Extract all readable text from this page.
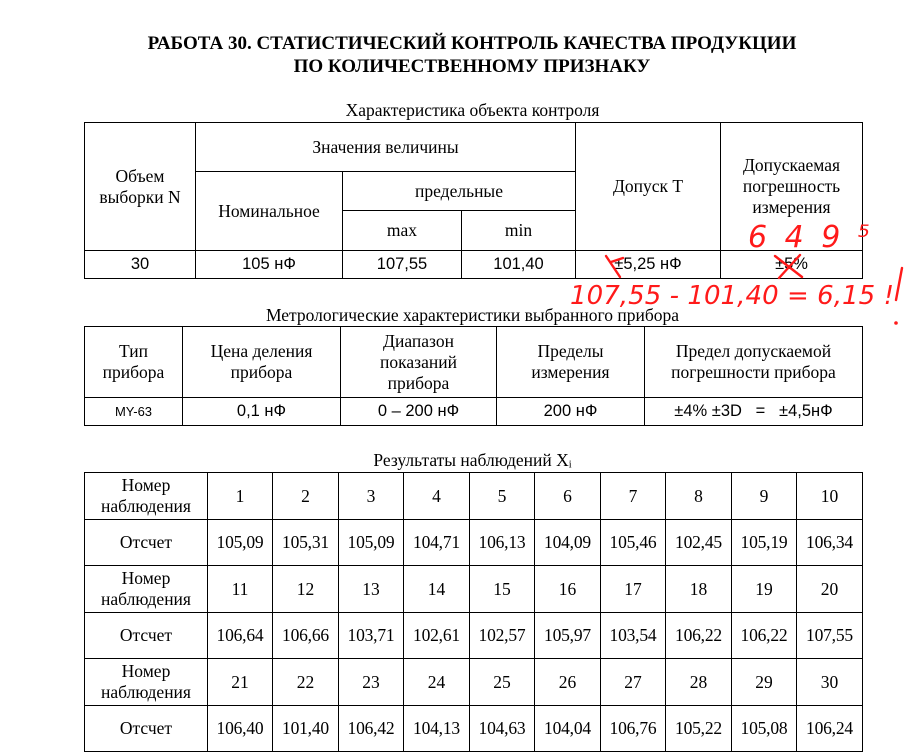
РАБОТА 30. СТАТИСТИЧЕСКИЙ КОНТРОЛЬ КАЧЕСТВА ПРОДУКЦИИ
ПО КОЛИЧЕСТВЕННОМУ ПРИЗНАКУ
Характеристика объекта контроля
Объем выборки N	Значения величины			Допуск Т	Допускаемая погрешность измерения
	Номинальное	предельные			
		max	min		
30	105 нФ	107,55	101,40	±5,25 нФ	±5%
Метрологические характеристики выбранного прибора
Тип прибора	Цена деления прибора	Диапазон показаний прибора	Пределы измерения	Предел допускаемой погрешности прибора
MY-63	0,1 нФ	0 – 200 нФ	200 нФ	±4% ±3D   =   ±4,5нФ
Результаты наблюдений Xᵢ
Номер наблюдения	1	2	3	4	5	6	7	8	9	10
Отсчет	105,09	105,31	105,09	104,71	106,13	104,09	105,46	102,45	105,19	106,34
Номер наблюдения	11	12	13	14	15	16	17	18	19	20
Отсчет	106,64	106,66	103,71	102,61	102,57	105,97	103,54	106,22	106,22	107,55
Номер наблюдения	21	22	23	24	25	26	27	28	29	30
Отсчет	106,40	101,40	106,42	104,13	104,63	104,04	106,76	105,22	105,08	106,24
6 4 9 ⁵
107,55 - 101,40 = 6,15 !
